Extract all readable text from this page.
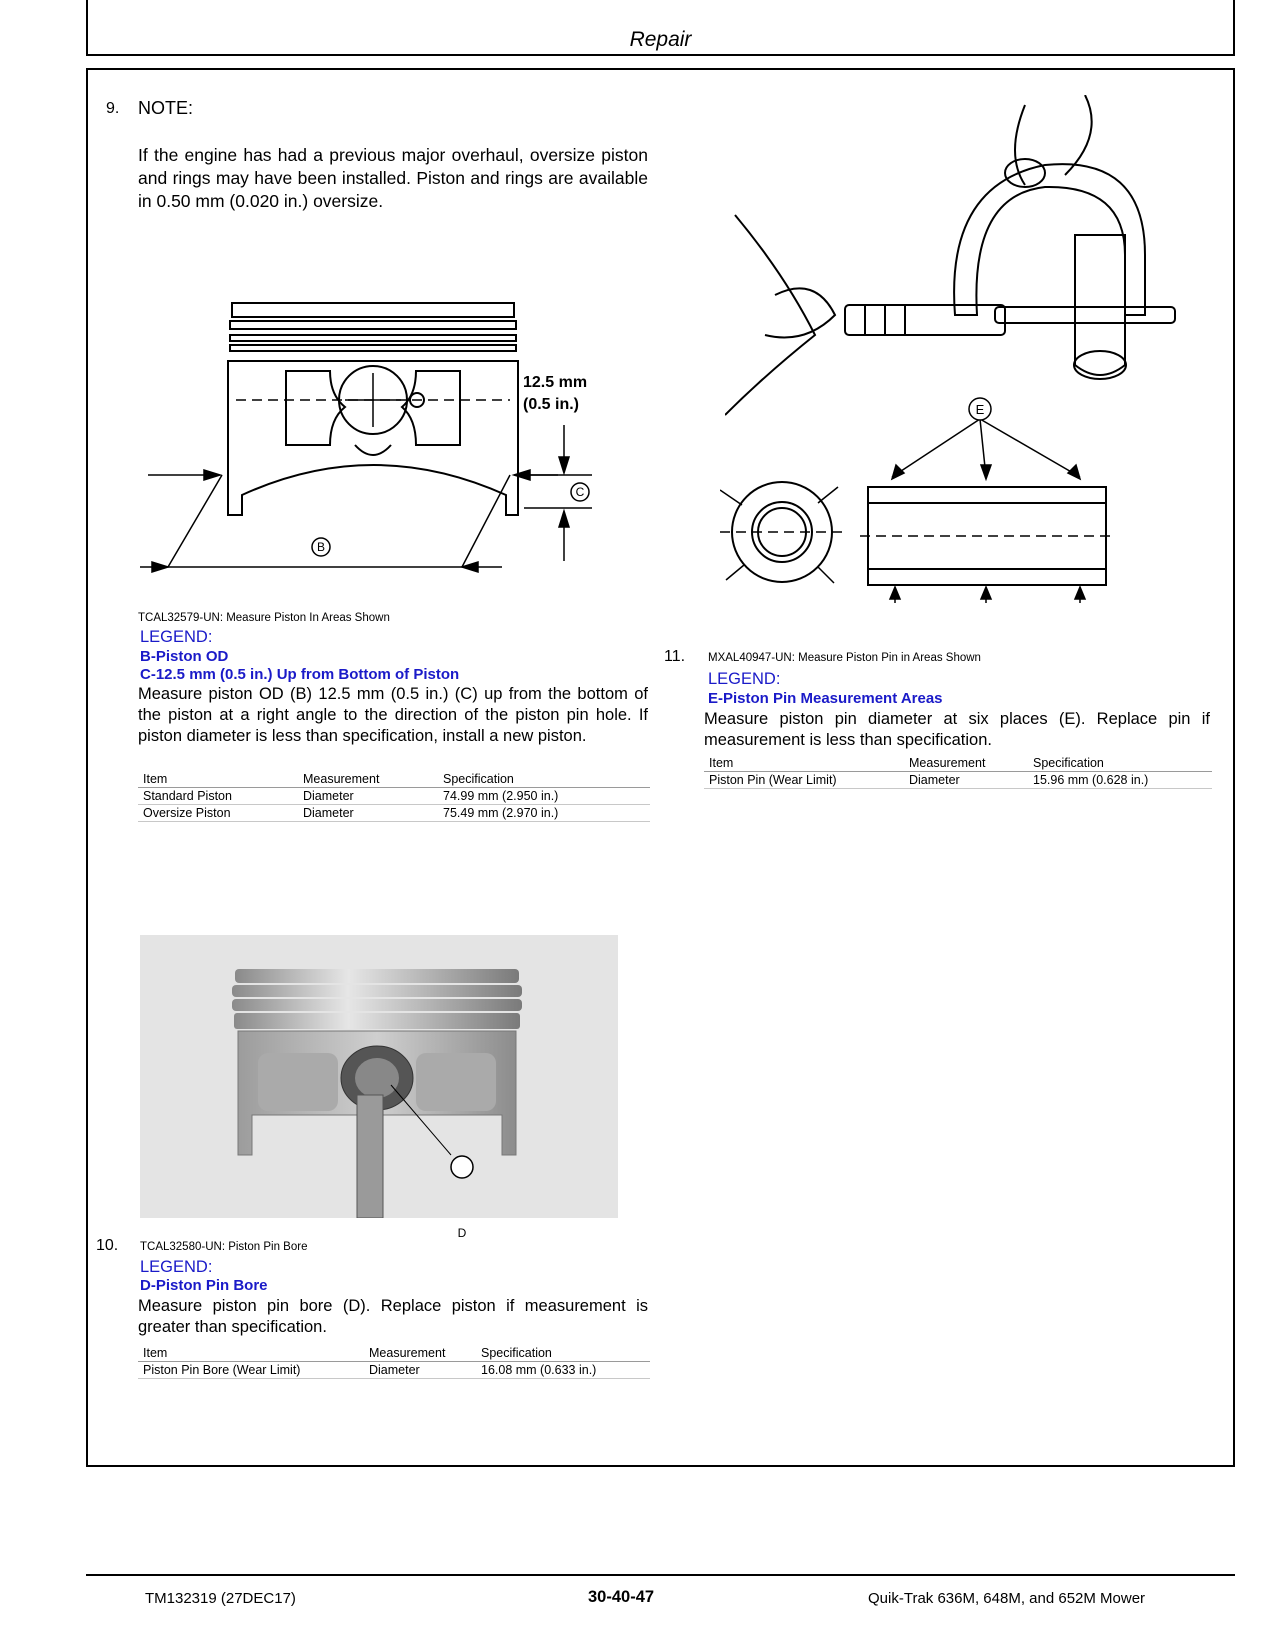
Repair
9. NOTE:
If the engine has had a previous major overhaul, oversize piston and rings may have been installed. Piston and rings are available in 0.50 mm (0.020 in.) oversize.
12.5 mm
(0.5 in.)
C
B
TCAL32579-UN: Measure Piston In Areas Shown
LEGEND:
B-Piston OD
C-12.5 mm (0.5 in.) Up from Bottom of Piston
Measure piston OD (B) 12.5 mm (0.5 in.) (C) up from the bottom of the piston at a right angle to the direction of the piston pin hole. If piston diameter is less than specification, install a new piston.
Item	Measurement	Specification
Standard Piston	Diameter	74.99 mm (2.950 in.)
Oversize Piston	Diameter	75.49 mm (2.970 in.)
D
10. TCAL32580-UN: Piston Pin Bore
LEGEND:
D-Piston Pin Bore
Measure piston pin bore (D). Replace piston if measurement is greater than specification.
Item	Measurement	Specification
Piston Pin Bore (Wear Limit)	Diameter	16.08 mm (0.633 in.)
E
11. MXAL40947-UN: Measure Piston Pin in Areas Shown
LEGEND:
E-Piston Pin Measurement Areas
Measure piston pin diameter at six places (E). Replace pin if measurement is less than specification.
Item	Measurement	Specification
Piston Pin (Wear Limit)	Diameter	15.96 mm (0.628 in.)
TM132319 (27DEC17)	30-40-47	Quik-Trak 636M, 648M, and 652M Mower
